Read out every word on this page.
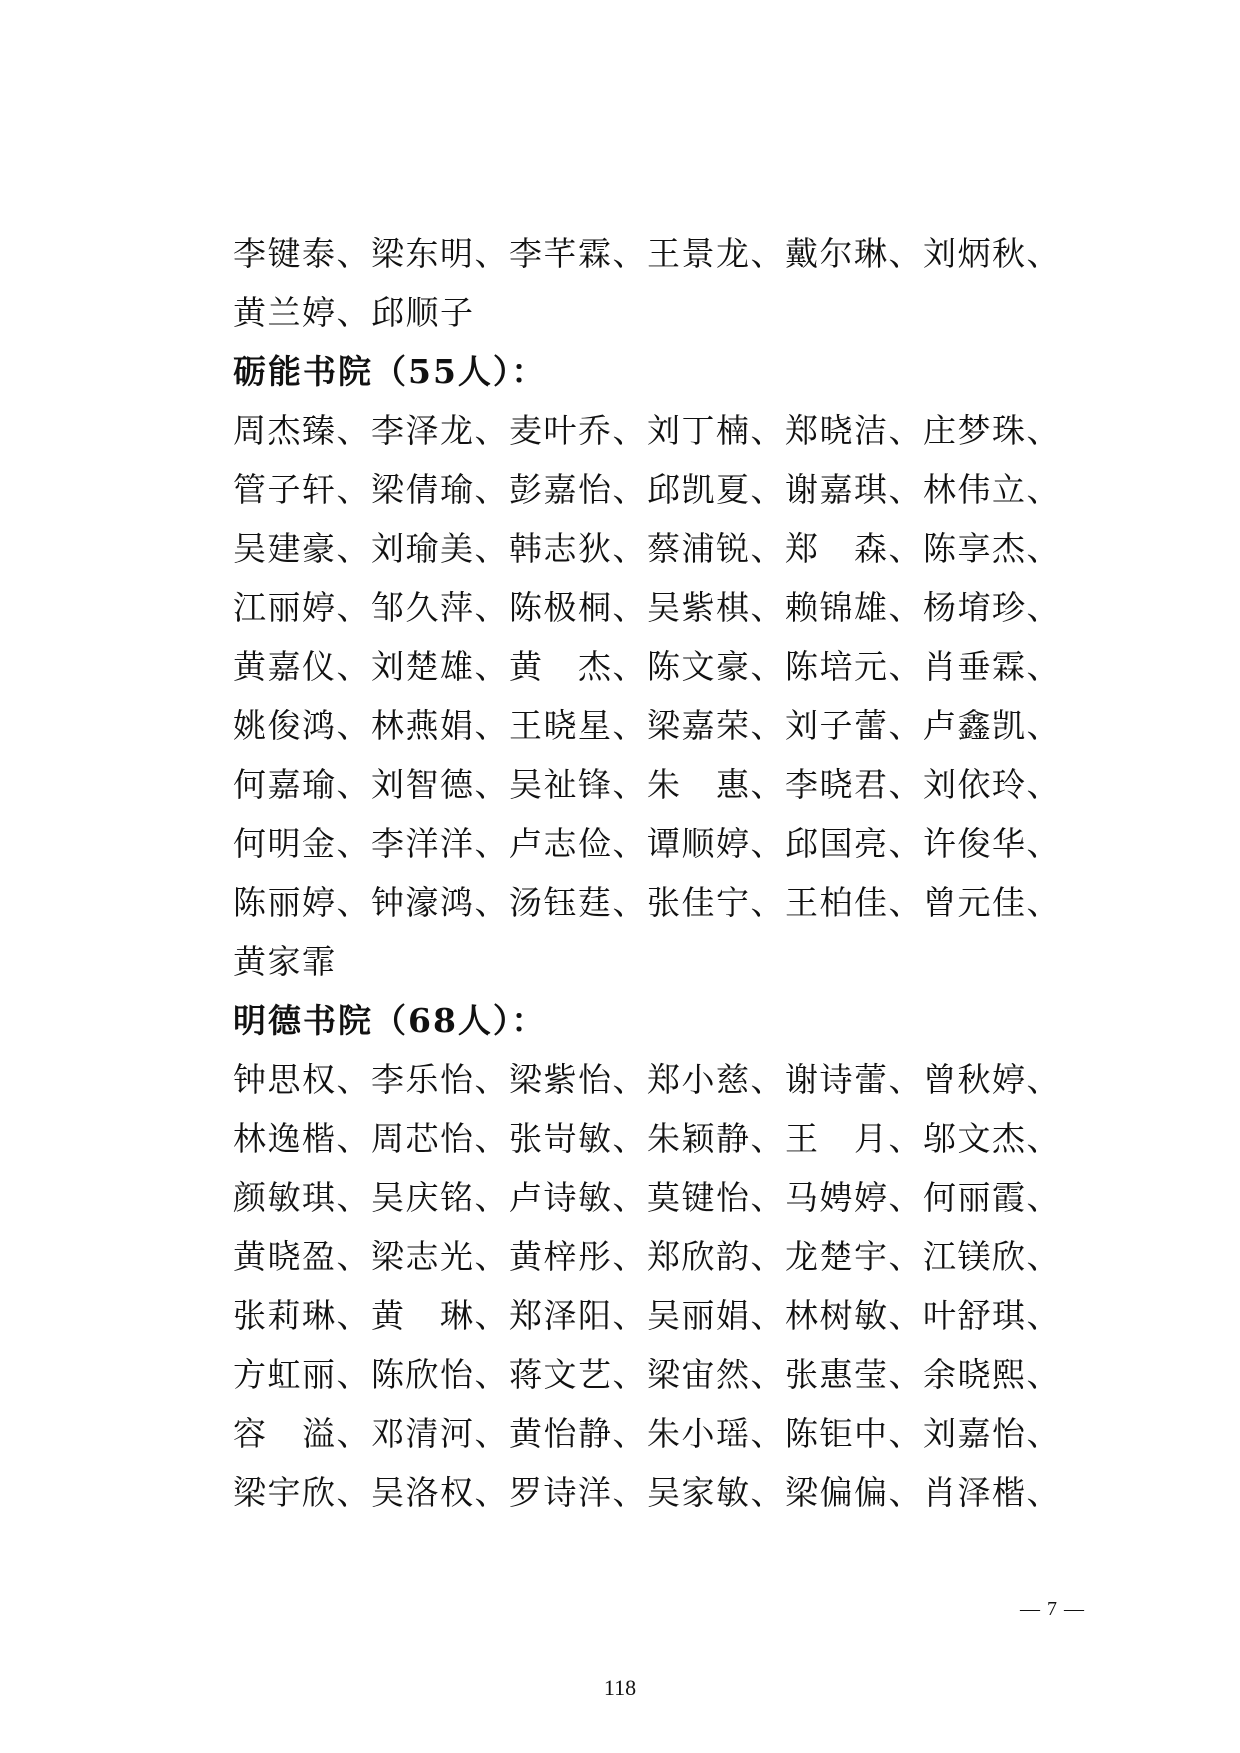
李键泰、梁东明、李芊霖、王景龙、戴尔琳、刘炳秋、
黄兰婷、邱顺子
砺能书院（55人）：
周杰臻、李泽龙、麦叶乔、刘丁楠、郑晓洁、庄梦珠、
管子轩、梁倩瑜、彭嘉怡、邱凯夏、谢嘉琪、林伟立、
吴建豪、刘瑜美、韩志狄、蔡浦锐、郑　森、陈享杰、
江丽婷、邹久萍、陈极桐、吴紫棋、赖锦雄、杨堉珍、
黄嘉仪、刘楚雄、黄　杰、陈文豪、陈培元、肖垂霖、
姚俊鸿、林燕娟、王晓星、梁嘉荣、刘子蕾、卢鑫凯、
何嘉瑜、刘智德、吴祉锋、朱　惠、李晓君、刘依玲、
何明金、李洋洋、卢志俭、谭顺婷、邱国亮、许俊华、
陈丽婷、钟濠鸿、汤钰莛、张佳宁、王柏佳、曾元佳、
黄家霏
明德书院（68人）：
钟思权、李乐怡、梁紫怡、郑小慈、谢诗蕾、曾秋婷、
林逸楷、周芯怡、张岢敏、朱颖静、王　月、邬文杰、
颜敏琪、吴庆铭、卢诗敏、莫键怡、马娉婷、何丽霞、
黄晓盈、梁志光、黄梓彤、郑欣韵、龙楚宇、江镁欣、
张莉琳、黄　琳、郑泽阳、吴丽娟、林树敏、叶舒琪、
方虹丽、陈欣怡、蒋文艺、梁宙然、张惠莹、余晓熙、
容　溢、邓清河、黄怡静、朱小瑶、陈钜中、刘嘉怡、
梁宇欣、吴洛权、罗诗洋、吴家敏、梁偏偏、肖泽楷、
— 7 —
118
